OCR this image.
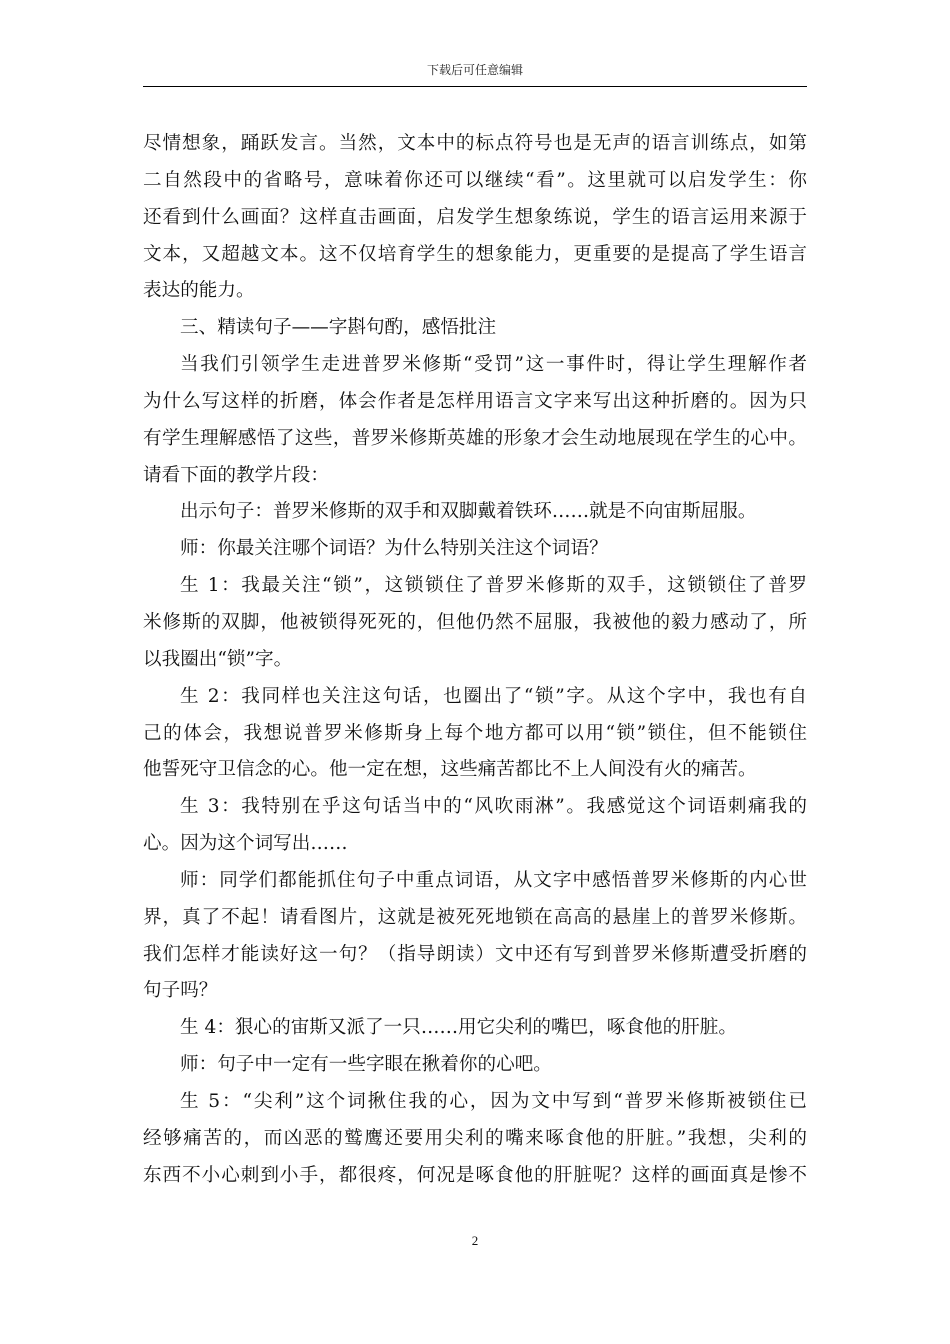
下载后可任意编辑
尽情想象，踊跃发言。当然，文本中的标点符号也是无声的语言训练点，如第
二自然段中的省略号，意味着你还可以继续“看”。这里就可以启发学生：你
还看到什么画面？这样直击画面，启发学生想象练说，学生的语言运用来源于
文本，又超越文本。这不仅培育学生的想象能力，更重要的是提高了学生语言
表达的能力。
三、精读句子——字斟句酌，感悟批注
当我们引领学生走进普罗米修斯“受罚”这一事件时，得让学生理解作者
为什么写这样的折磨，体会作者是怎样用语言文字来写出这种折磨的。因为只
有学生理解感悟了这些，普罗米修斯英雄的形象才会生动地展现在学生的心中。
请看下面的教学片段：
出示句子：普罗米修斯的双手和双脚戴着铁环……就是不向宙斯屈服。
师：你最关注哪个词语？为什么特别关注这个词语？
生 1：我最关注“锁”，这锁锁住了普罗米修斯的双手，这锁锁住了普罗
米修斯的双脚，他被锁得死死的，但他仍然不屈服，我被他的毅力感动了，所
以我圈出“锁”字。
生 2：我同样也关注这句话，也圈出了“锁”字。从这个字中，我也有自
己的体会，我想说普罗米修斯身上每个地方都可以用“锁”锁住，但不能锁住
他誓死守卫信念的心。他一定在想，这些痛苦都比不上人间没有火的痛苦。
生 3：我特别在乎这句话当中的“风吹雨淋”。我感觉这个词语刺痛我的
心。因为这个词写出……
师：同学们都能抓住句子中重点词语，从文字中感悟普罗米修斯的内心世
界，真了不起！请看图片，这就是被死死地锁在高高的悬崖上的普罗米修斯。
我们怎样才能读好这一句？（指导朗读）文中还有写到普罗米修斯遭受折磨的
句子吗？
生 4：狠心的宙斯又派了一只……用它尖利的嘴巴，啄食他的肝脏。
师：句子中一定有一些字眼在揪着你的心吧。
生 5：“尖利”这个词揪住我的心，因为文中写到“普罗米修斯被锁住已
经够痛苦的，而凶恶的鹫鹰还要用尖利的嘴来啄食他的肝脏。”我想，尖利的
东西不小心刺到小手，都很疼，何况是啄食他的肝脏呢？这样的画面真是惨不
2
